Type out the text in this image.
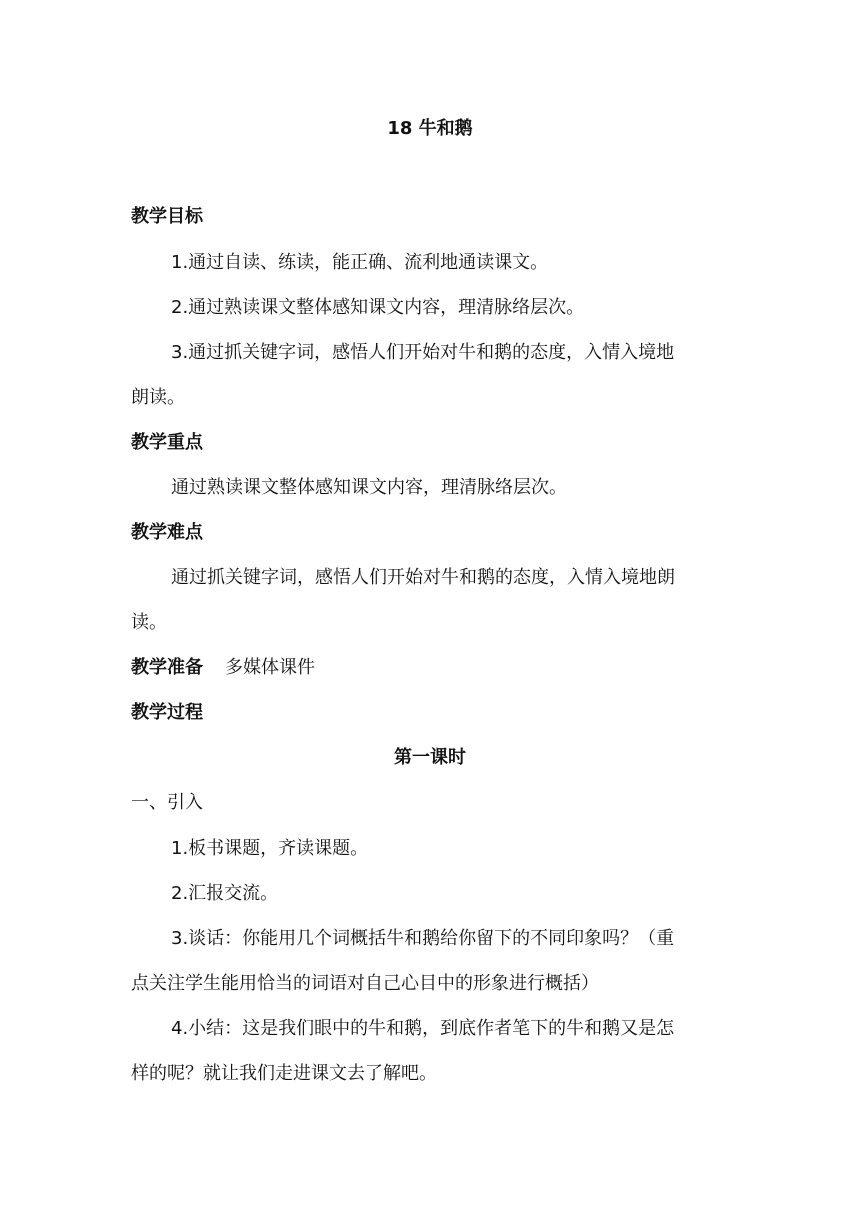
18 牛和鹅
教学目标
1.通过自读、练读，能正确、流利地通读课文。
2.通过熟读课文整体感知课文内容，理清脉络层次。
3.通过抓关键字词，感悟人们开始对牛和鹅的态度，入情入境地
朗读。
教学重点
通过熟读课文整体感知课文内容，理清脉络层次。
教学难点
通过抓关键字词，感悟人们开始对牛和鹅的态度，入情入境地朗
读。
教学准备 多媒体课件
教学过程
第一课时
一、引入
1.板书课题，齐读课题。
2.汇报交流。
3.谈话：你能用几个词概括牛和鹅给你留下的不同印象吗？（重
点关注学生能用恰当的词语对自己心目中的形象进行概括）
4.小结：这是我们眼中的牛和鹅，到底作者笔下的牛和鹅又是怎
样的呢？就让我们走进课文去了解吧。
